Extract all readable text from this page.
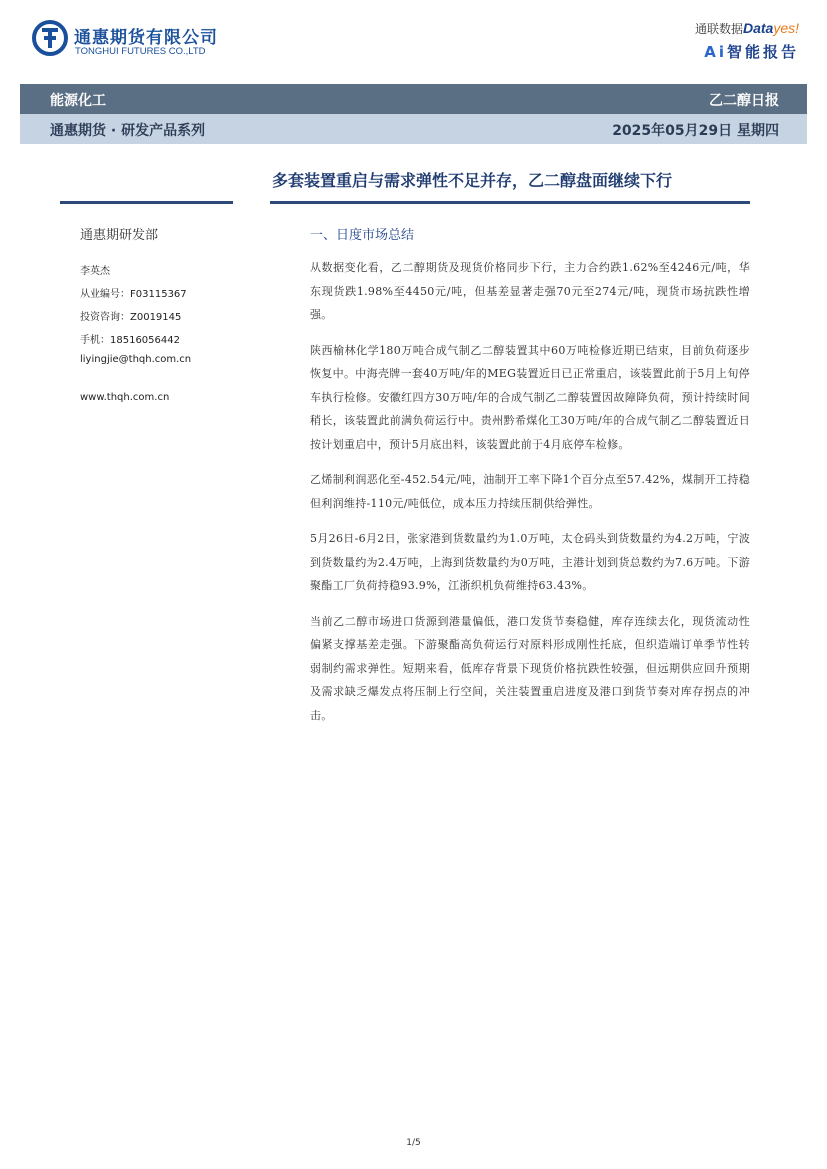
通惠期货有限公司
TONGHUI FUTURES CO.,LTD
通联数据Datayes!
Ai智能报告
能源化工	乙二醇日报
通惠期货 · 研发产品系列	2025年05月29日 星期四
多套装置重启与需求弹性不足并存，乙二醇盘面继续下行
通惠期研发部
李英杰
从业编号：F03115367
投资咨询：Z0019145
手机：18516056442
liyingjie@thqh.com.cn
www.thqh.com.cn
一、日度市场总结

从数据变化看，乙二醇期货及现货价格同步下行，主力合约跌1.62%至4246元/吨，华东现货跌1.98%至4450元/吨，但基差显著走强70元至274元/吨，现货市场抗跌性增强。

陕西榆林化学180万吨合成气制乙二醇装置其中60万吨检修近期已结束，目前负荷逐步恢复中。中海壳牌一套40万吨/年的MEG装置近日已正常重启，该装置此前于5月上旬停车执行检修。安徽红四方30万吨/年的合成气制乙二醇装置因故障降负荷，预计持续时间稍长，该装置此前满负荷运行中。贵州黔希煤化工30万吨/年的合成气制乙二醇装置近日按计划重启中，预计5月底出料，该装置此前于4月底停车检修。

乙烯制利润恶化至-452.54元/吨，油制开工率下降1个百分点至57.42%，煤制开工持稳但利润维持-110元/吨低位，成本压力持续压制供给弹性。

5月26日-6月2日，张家港到货数量约为1.0万吨，太仓码头到货数量约为4.2万吨，宁波到货数量约为2.4万吨，上海到货数量约为0万吨，主港计划到货总数约为7.6万吨。下游聚酯工厂负荷持稳93.9%，江浙织机负荷维持63.43%。

当前乙二醇市场进口货源到港量偏低，港口发货节奏稳健，库存连续去化，现货流动性偏紧支撑基差走强。下游聚酯高负荷运行对原料形成刚性托底，但织造端订单季节性转弱制约需求弹性。短期来看，低库存背景下现货价格抗跌性较强，但远期供应回升预期及需求缺乏爆发点将压制上行空间，关注装置重启进度及港口到货节奏对库存拐点的冲击。

1/5
